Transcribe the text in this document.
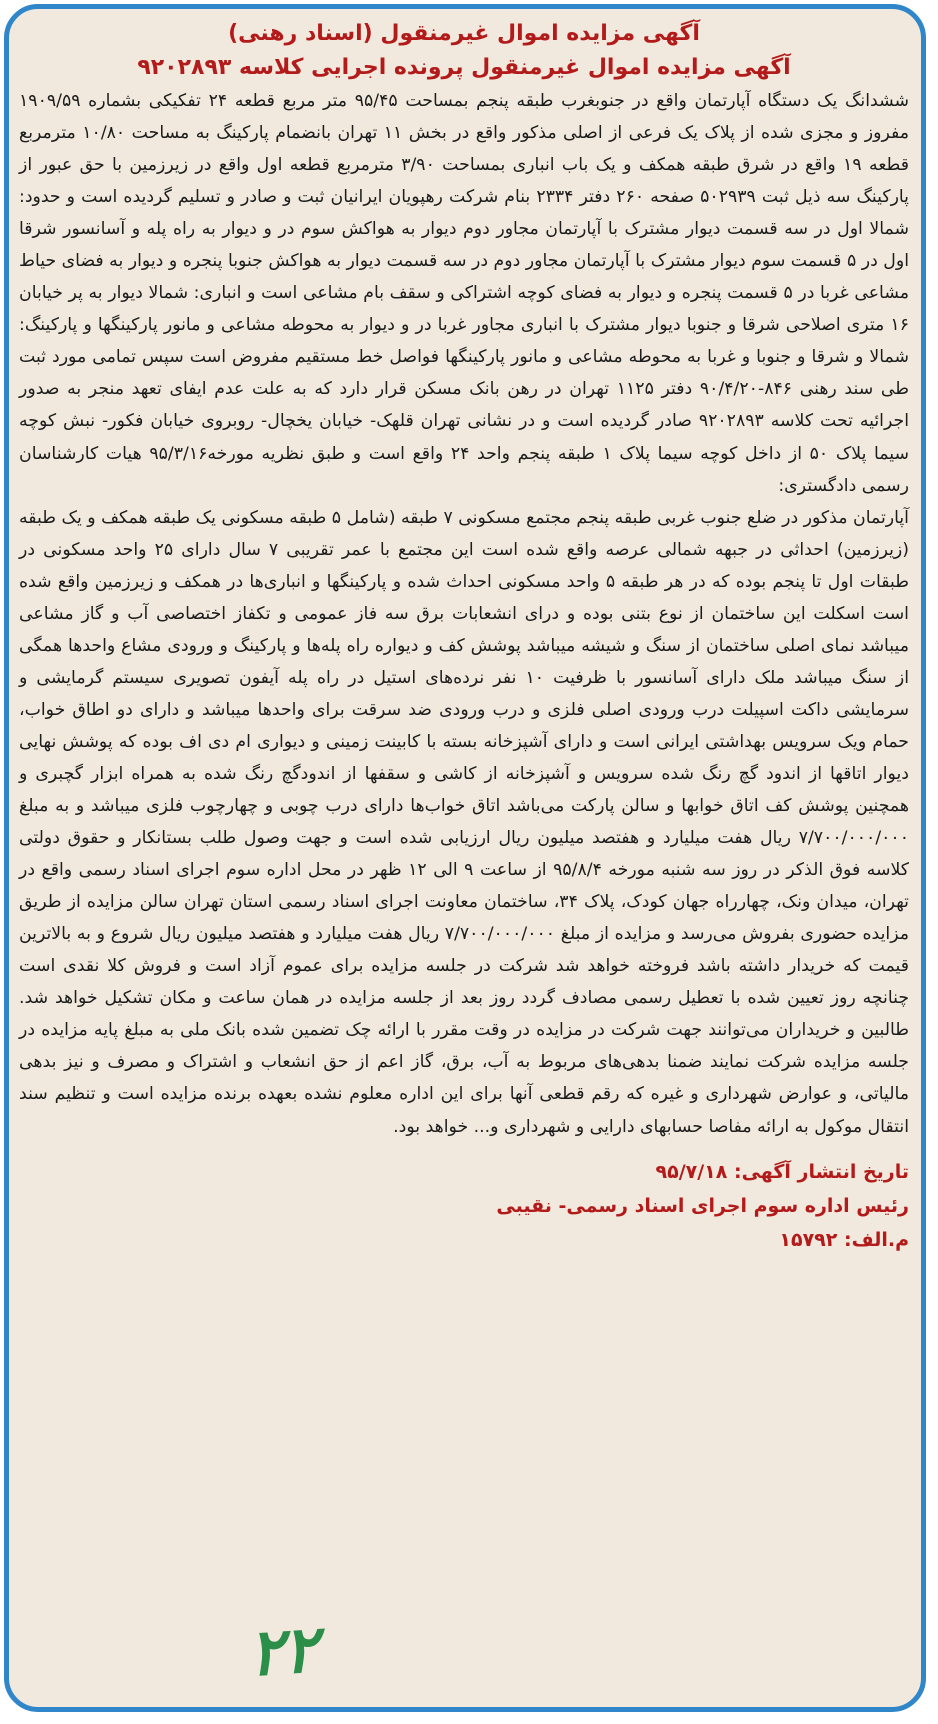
آگهی مزایده اموال غیرمنقول (اسناد رهنی)
آگهی مزایده اموال غیرمنقول پرونده اجرایی کلاسه ۹۲۰۲۸۹۳

ششدانگ یک دستگاه آپارتمان واقع در جنوبغرب طبقه پنجم بمساحت ۹۵/۴۵ متر مربع قطعه ۲۴ تفکیکی بشماره ۱۹۰۹/۵۹ مفروز و مجزی شده از پلاک یک فرعی از اصلی مذکور واقع در بخش ۱۱ تهران بانضمام پارکینگ به مساحت ۱۰/۸۰ مترمربع قطعه ۱۹ واقع در شرق طبقه همکف و یک باب انباری بمساحت ۳/۹۰ مترمربع قطعه اول واقع در زیرزمین با حق عبور از پارکینگ سه ذیل ثبت ۵۰۲۹۳۹ صفحه ۲۶۰ دفتر ۲۳۳۴ بنام شرکت رهپویان ایرانیان ثبت و صادر و تسلیم گردیده است و حدود: شمالا اول در سه قسمت دیوار مشترک با آپارتمان مجاور دوم دیوار به هواکش سوم در و دیوار به راه پله و آسانسور شرقا اول در ۵ قسمت سوم دیوار مشترک با آپارتمان مجاور دوم در سه قسمت دیوار به هواکش جنوبا پنجره و دیوار به فضای حیاط مشاعی غربا در ۵ قسمت پنجره و دیوار به فضای کوچه اشتراکی و سقف بام مشاعی است و انباری: شمالا دیوار به پر خیابان ۱۶ متری اصلاحی شرقا و جنوبا دیوار مشترک با انباری مجاور غربا در و دیوار به محوطه مشاعی و مانور پارکینگها و پارکینگ: شمالا و شرقا و جنوبا و غربا به محوطه مشاعی و مانور پارکینگها فواصل خط مستقیم مفروض است سپس تمامی مورد ثبت طی سند رهنی ۸۴۶-۹۰/۴/۲۰ دفتر ۱۱۲۵ تهران در رهن بانک مسکن قرار دارد که به علت عدم ایفای تعهد منجر به صدور اجرائیه تحت کلاسه ۹۲۰۲۸۹۳ صادر گردیده است و در نشانی تهران قلهک- خیابان یخچال- روبروی خیابان فکور- نبش کوچه سیما پلاک ۵۰ از داخل کوچه سیما پلاک ۱ طبقه پنجم واحد ۲۴ واقع است و طبق نظریه مورخه۹۵/۳/۱۶ هیات کارشناسان رسمی دادگستری:

آپارتمان مذکور در ضلع جنوب غربی طبقه پنجم مجتمع مسکونی ۷ طبقه (شامل ۵ طبقه مسکونی یک طبقه همکف و یک طبقه (زیرزمین) احداثی در جبهه شمالی عرصه واقع شده است این مجتمع با عمر تقریبی ۷ سال دارای ۲۵ واحد مسکونی در طبقات اول تا پنجم بوده که در هر طبقه ۵ واحد مسکونی احداث شده و پارکینگها و انباری‌ها در همکف و زیرزمین واقع شده است اسکلت این ساختمان از نوع بتنی بوده و درای انشعابات برق سه فاز عمومی و تکفاز اختصاصی آب و گاز مشاعی میباشد نمای اصلی ساختمان از سنگ و شیشه میباشد پوشش کف و دیواره راه پله‌ها و پارکینگ و ورودی مشاع واحدها همگی از سنگ میباشد ملک دارای آسانسور با ظرفیت ۱۰ نفر نرده‌های استیل در راه پله آیفون تصویری سیستم گرمایشی و سرمایشی داکت اسپیلت درب ورودی اصلی فلزی و درب ورودی ضد سرقت برای واحدها میباشد و دارای دو اطاق خواب، حمام ویک سرویس بهداشتی ایرانی است و دارای آشپزخانه بسته با کابینت زمینی و دیواری ام دی اف بوده که پوشش نهایی دیوار اتاقها از اندود گچ رنگ شده سرویس و آشپزخانه از کاشی و سقفها از اندودگچ رنگ شده به همراه ابزار گچبری و همچنین پوشش کف اتاق خوابها و سالن پارکت می‌باشد اتاق خواب‌ها دارای درب چوبی و چهارچوب فلزی میباشد و به مبلغ ۷/۷۰۰/۰۰۰/۰۰۰ ریال هفت میلیارد و هفتصد میلیون ریال ارزیابی شده است و جهت وصول طلب بستانکار و حقوق دولتی کلاسه فوق الذکر در روز سه شنبه مورخه ۹۵/۸/۴ از ساعت ۹ الی ۱۲ ظهر در محل اداره سوم اجرای اسناد رسمی واقع در تهران، میدان ونک، چهارراه جهان کودک، پلاک ۳۴، ساختمان معاونت اجرای اسناد رسمی استان تهران سالن مزایده از طریق مزایده حضوری بفروش می‌رسد و مزایده از مبلغ ۷/۷۰۰/۰۰۰/۰۰۰ ریال هفت میلیارد و هفتصد میلیون ریال شروع و به بالاترین قیمت که خریدار داشته باشد فروخته خواهد شد شرکت در جلسه مزایده برای عموم آزاد است و فروش کلا نقدی است چنانچه روز تعیین شده با تعطیل رسمی مصادف گردد روز بعد از جلسه مزایده در همان ساعت و مکان تشکیل خواهد شد. طالبین و خریداران می‌توانند جهت شرکت در مزایده در وقت مقرر با ارائه چک تضمین شده بانک ملی به مبلغ پایه مزایده در جلسه مزایده شرکت نمایند ضمنا بدهی‌های مربوط به آب، برق، گاز اعم از حق انشعاب و اشتراک و مصرف و نیز بدهی مالیاتی، و عوارض شهرداری و غیره که رقم قطعی آنها برای این اداره معلوم نشده بعهده برنده مزایده است و تنظیم سند انتقال موکول به ارائه مفاصا حسابهای دارایی و شهرداری و... خواهد بود.

تاریخ انتشار آگهی: ۹۵/۷/۱۸
رئیس اداره سوم اجرای اسناد رسمی- نقیبی
م.الف: ۱۵۷۹۲
۲۲
